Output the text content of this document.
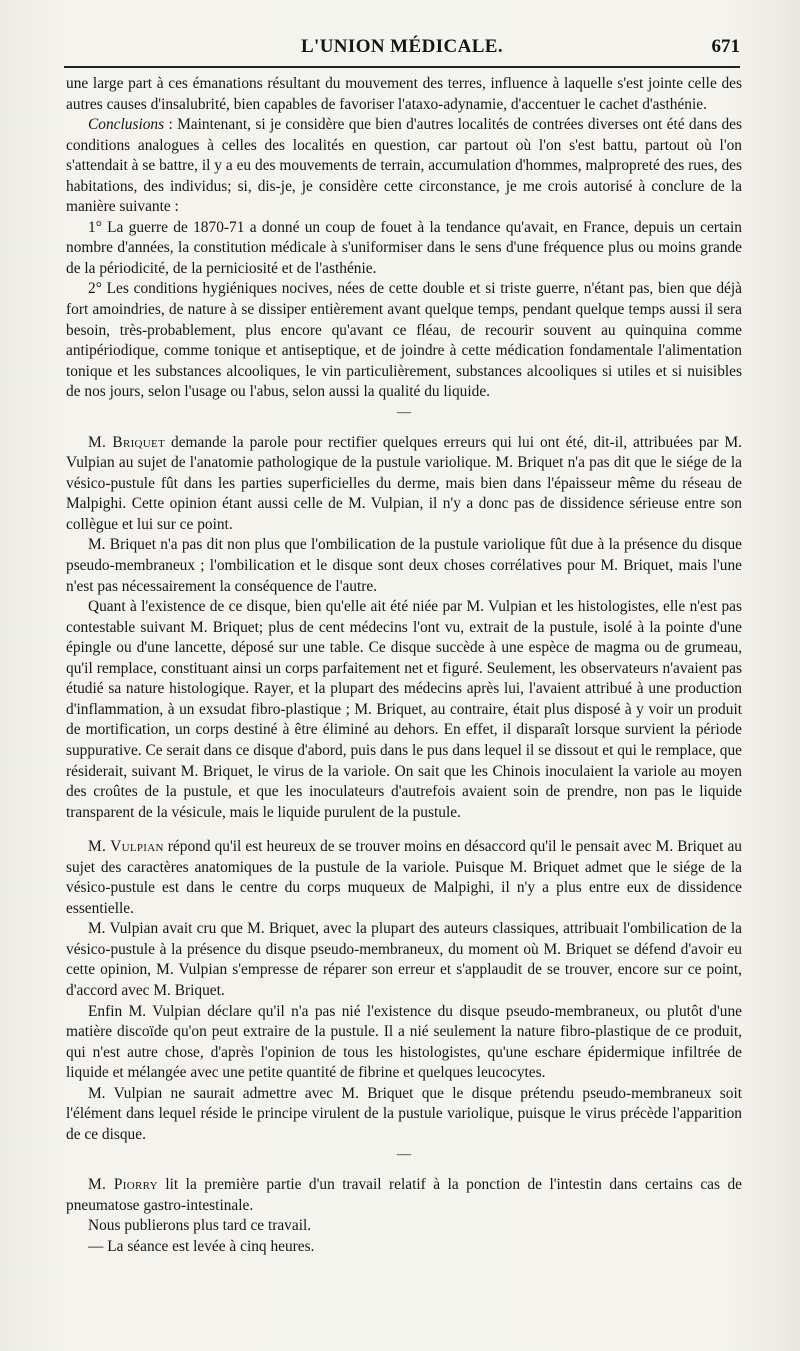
L'UNION MÉDICALE.	671

une large part à ces émanations résultant du mouvement des terres, influence à laquelle s'est jointe celle des autres causes d'insalubrité, bien capables de favoriser l'ataxo-adynamie, d'accentuer le cachet d'asthénie.

Conclusions : Maintenant, si je considère que bien d'autres localités de contrées diverses ont été dans des conditions analogues à celles des localités en question, car partout où l'on s'est battu, partout où l'on s'attendait à se battre, il y a eu des mouvements de terrain, accumulation d'hommes, malpropreté des rues, des habitations, des individus; si, dis-je, je considère cette circonstance, je me crois autorisé à conclure de la manière suivante :

1° La guerre de 1870-71 a donné un coup de fouet à la tendance qu'avait, en France, depuis un certain nombre d'années, la constitution médicale à s'uniformiser dans le sens d'une fréquence plus ou moins grande de la périodicité, de la perniciosité et de l'asthénie.

2° Les conditions hygiéniques nocives, nées de cette double et si triste guerre, n'étant pas, bien que déjà fort amoindries, de nature à se dissiper entièrement avant quelque temps, pendant quelque temps aussi il sera besoin, très-probablement, plus encore qu'avant ce fléau, de recourir souvent au quinquina comme antipériodique, comme tonique et antiseptique, et de joindre à cette médication fondamentale l'alimentation tonique et les substances alcooliques, le vin particulièrement, substances alcooliques si utiles et si nuisibles de nos jours, selon l'usage ou l'abus, selon aussi la qualité du liquide.

—

M. Briquet demande la parole pour rectifier quelques erreurs qui lui ont été, dit-il, attribuées par M. Vulpian au sujet de l'anatomie pathologique de la pustule variolique. M. Briquet n'a pas dit que le siége de la vésico-pustule fût dans les parties superficielles du derme, mais bien dans l'épaisseur même du réseau de Malpighi. Cette opinion étant aussi celle de M. Vulpian, il n'y a donc pas de dissidence sérieuse entre son collègue et lui sur ce point.

M. Briquet n'a pas dit non plus que l'ombilication de la pustule variolique fût due à la présence du disque pseudo-membraneux ; l'ombilication et le disque sont deux choses corrélatives pour M. Briquet, mais l'une n'est pas nécessairement la conséquence de l'autre.

Quant à l'existence de ce disque, bien qu'elle ait été niée par M. Vulpian et les histologistes, elle n'est pas contestable suivant M. Briquet; plus de cent médecins l'ont vu, extrait de la pustule, isolé à la pointe d'une épingle ou d'une lancette, déposé sur une table. Ce disque succède à une espèce de magma ou de grumeau, qu'il remplace, constituant ainsi un corps parfaitement net et figuré. Seulement, les observateurs n'avaient pas étudié sa nature histologique. Rayer, et la plupart des médecins après lui, l'avaient attribué à une production d'inflammation, à un exsudat fibro-plastique ; M. Briquet, au contraire, était plus disposé à y voir un produit de mortification, un corps destiné à être éliminé au dehors. En effet, il disparaît lorsque survient la période suppurative. Ce serait dans ce disque d'abord, puis dans le pus dans lequel il se dissout et qui le remplace, que résiderait, suivant M. Briquet, le virus de la variole. On sait que les Chinois inoculaient la variole au moyen des croûtes de la pustule, et que les inoculateurs d'autrefois avaient soin de prendre, non pas le liquide transparent de la vésicule, mais le liquide purulent de la pustule.

M. Vulpian répond qu'il est heureux de se trouver moins en désaccord qu'il le pensait avec M. Briquet au sujet des caractères anatomiques de la pustule de la variole. Puisque M. Briquet admet que le siége de la vésico-pustule est dans le centre du corps muqueux de Malpighi, il n'y a plus entre eux de dissidence essentielle.

M. Vulpian avait cru que M. Briquet, avec la plupart des auteurs classiques, attribuait l'ombilication de la vésico-pustule à la présence du disque pseudo-membraneux, du moment où M. Briquet se défend d'avoir eu cette opinion, M. Vulpian s'empresse de réparer son erreur et s'applaudit de se trouver, encore sur ce point, d'accord avec M. Briquet.

Enfin M. Vulpian déclare qu'il n'a pas nié l'existence du disque pseudo-membraneux, ou plutôt d'une matière discoïde qu'on peut extraire de la pustule. Il a nié seulement la nature fibro-plastique de ce produit, qui n'est autre chose, d'après l'opinion de tous les histologistes, qu'une eschare épidermique infiltrée de liquide et mélangée avec une petite quantité de fibrine et quelques leucocytes.

M. Vulpian ne saurait admettre avec M. Briquet que le disque prétendu pseudo-membraneux soit l'élément dans lequel réside le principe virulent de la pustule variolique, puisque le virus précède l'apparition de ce disque.

—

M. Piorry lit la première partie d'un travail relatif à la ponction de l'intestin dans certains cas de pneumatose gastro-intestinale.

Nous publierons plus tard ce travail.

— La séance est levée à cinq heures.
